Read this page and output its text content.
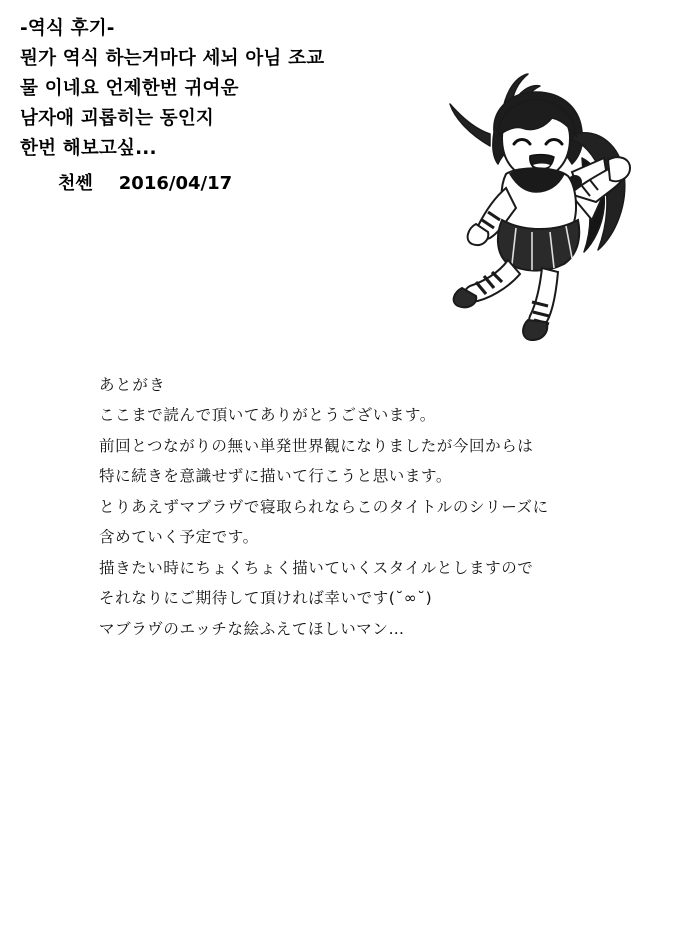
-역식 후기-
뭔가 역식 하는거마다 세뇌 아님 조교
물 이네요 언제한번 귀여운
남자애 괴롭히는 동인지
한번 해보고싶...
천쎈 2016/04/17
あとがき
ここまで読んで頂いてありがとうございます。
前回とつながりの無い単発世界観になりましたが今回からは
特に続きを意識せずに描いて行こうと思います。
とりあえずマブラヴで寝取られならこのタイトルのシリーズに
含めていく予定です。
描きたい時にちょくちょく描いていくスタイルとしますので
それなりにご期待して頂ければ幸いです(˘∞˘)
マブラヴのエッチな絵ふえてほしいマン…
